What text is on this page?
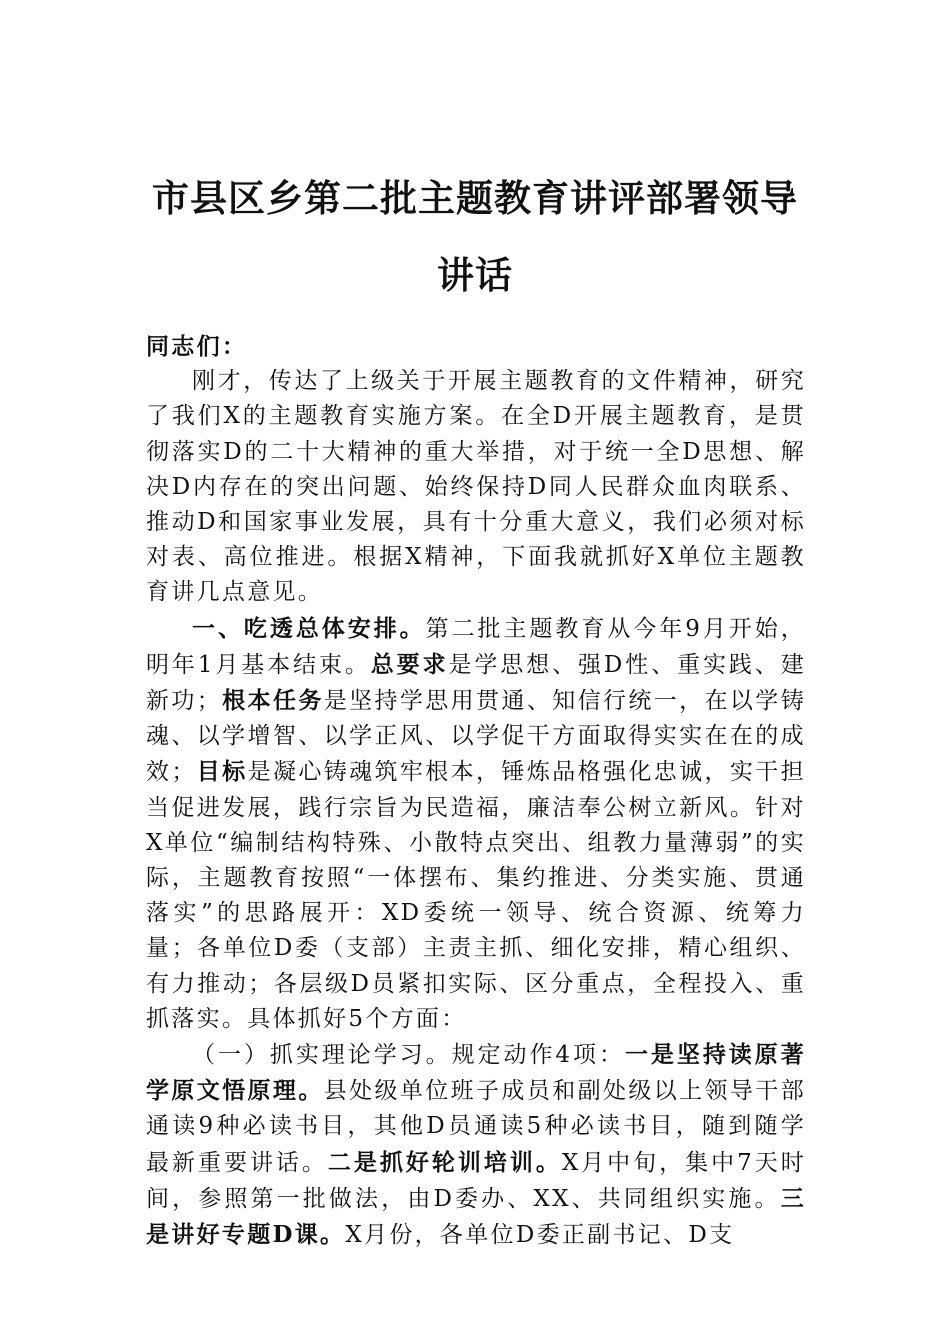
市县区乡第二批主题教育讲评部署领导讲话

同志们：

刚才，传达了上级关于开展主题教育的文件精神，研究了我们X的主题教育实施方案。在全D开展主题教育，是贯彻落实D的二十大精神的重大举措，对于统一全D思想、解决D内存在的突出问题、始终保持D同人民群众血肉联系、推动D和国家事业发展，具有十分重大意义，我们必须对标对表、高位推进。根据X精神，下面我就抓好X单位主题教育讲几点意见。

一、吃透总体安排。第二批主题教育从今年9月开始，明年1月基本结束。总要求是学思想、强D性、重实践、建新功；根本任务是坚持学思用贯通、知信行统一，在以学铸魂、以学增智、以学正风、以学促干方面取得实实在在的成效；目标是凝心铸魂筑牢根本，锤炼品格强化忠诚，实干担当促进发展，践行宗旨为民造福，廉洁奉公树立新风。针对X单位“编制结构特殊、小散特点突出、组教力量薄弱”的实际，主题教育按照“一体摆布、集约推进、分类实施、贯通落实”的思路展开：XD委统一领导、统合资源、统筹力量；各单位D委（支部）主责主抓、细化安排，精心组织、有力推动；各层级D员紧扣实际、区分重点，全程投入、重抓落实。具体抓好5个方面：

（一）抓实理论学习。规定动作4项：一是坚持读原著学原文悟原理。县处级单位班子成员和副处级以上领导干部通读9种必读书目，其他D员通读5种必读书目，随到随学最新重要讲话。二是抓好轮训培训。X月中旬，集中7天时间，参照第一批做法，由D委办、XX、共同组织实施。三是讲好专题D课。X月份，各单位D委正副书记、D支
